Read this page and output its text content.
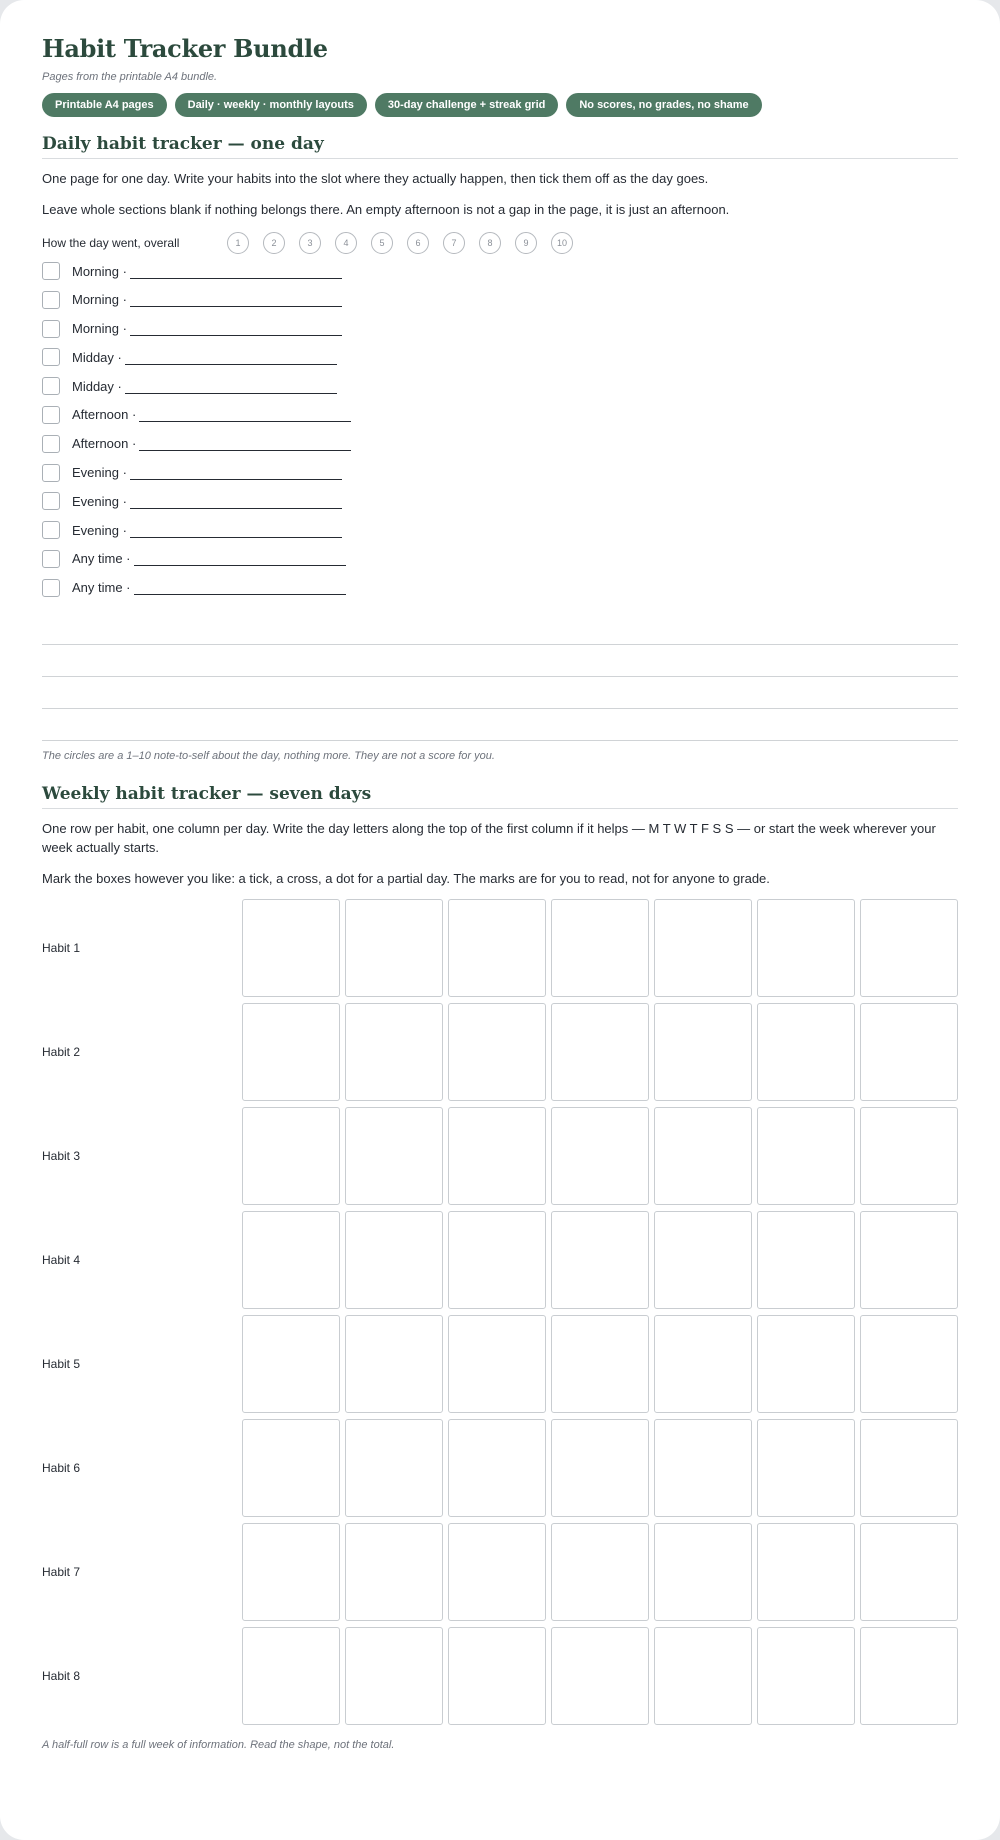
Habit Tracker Bundle
Pages from the printable A4 bundle.
Printable A4 pages	Daily · weekly · monthly layouts	30-day challenge + streak grid	No scores, no grades, no shame
Daily habit tracker — one day
One page for one day. Write your habits into the slot where they actually happen, then tick them off as the day goes.
Leave whole sections blank if nothing belongs there. An empty afternoon is not a gap in the page, it is just an afternoon.
How the day went, overall	1	2	3	4	5	6	7	8	9	10
Morning ·
Morning ·
Morning ·
Midday ·
Midday ·
Afternoon ·
Afternoon ·
Evening ·
Evening ·
Evening ·
Any time ·
Any time ·
The circles are a 1–10 note-to-self about the day, nothing more. They are not a score for you.
Weekly habit tracker — seven days
One row per habit, one column per day. Write the day letters along the top of the first column if it helps — M T W T F S S — or start the week wherever your week actually starts.
Mark the boxes however you like: a tick, a cross, a dot for a partial day. The marks are for you to read, not for anyone to grade.
Habit 1
Habit 2
Habit 3
Habit 4
Habit 5
Habit 6
Habit 7
Habit 8
A half-full row is a full week of information. Read the shape, not the total.
